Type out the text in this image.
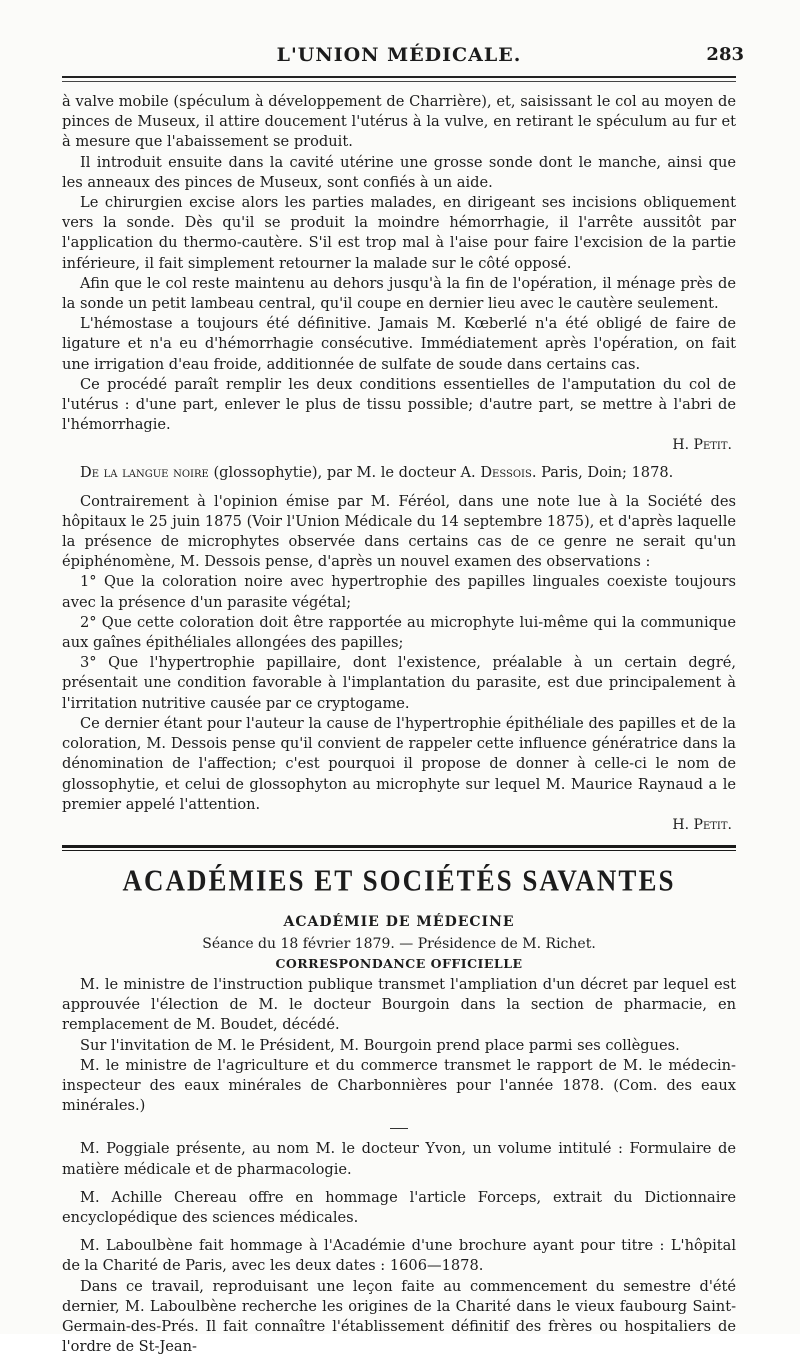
L'UNION MÉDICALE.	283

à valve mobile (spéculum à développement de Charrière), et, saisissant le col au moyen de pinces de Museux, il attire doucement l'utérus à la vulve, en retirant le spéculum au fur et à mesure que l'abaissement se produit.

Il introduit ensuite dans la cavité utérine une grosse sonde dont le manche, ainsi que les anneaux des pinces de Museux, sont confiés à un aide.

Le chirurgien excise alors les parties malades, en dirigeant ses incisions obliquement vers la sonde. Dès qu'il se produit la moindre hémorrhagie, il l'arrête aussitôt par l'application du thermo-cautère. S'il est trop mal à l'aise pour faire l'excision de la partie inférieure, il fait simplement retourner la malade sur le côté opposé.

Afin que le col reste maintenu au dehors jusqu'à la fin de l'opération, il ménage près de la sonde un petit lambeau central, qu'il coupe en dernier lieu avec le cautère seulement.

L'hémostase a toujours été définitive. Jamais M. Kœberlé n'a été obligé de faire de ligature et n'a eu d'hémorrhagie consécutive. Immédiatement après l'opération, on fait une irrigation d'eau froide, additionnée de sulfate de soude dans certains cas.

Ce procédé paraît remplir les deux conditions essentielles de l'amputation du col de l'utérus : d'une part, enlever le plus de tissu possible; d'autre part, se mettre à l'abri de l'hémorrhagie.

H. Petit.
De la langue noire (glossophytie), par M. le docteur A. Dessois. Paris, Doin; 1878.

Contrairement à l'opinion émise par M. Féréol, dans une note lue à la Société des hôpitaux le 25 juin 1875 (Voir l'Union Médicale du 14 septembre 1875), et d'après laquelle la présence de microphytes observée dans certains cas de ce genre ne serait qu'un épiphénomène, M. Dessois pense, d'après un nouvel examen des observations :

1° Que la coloration noire avec hypertrophie des papilles linguales coexiste toujours avec la présence d'un parasite végétal;

2° Que cette coloration doit être rapportée au microphyte lui-même qui la communique aux gaînes épithéliales allongées des papilles;

3° Que l'hypertrophie papillaire, dont l'existence, préalable à un certain degré, présentait une condition favorable à l'implantation du parasite, est due principalement à l'irritation nutritive causée par ce cryptogame.

Ce dernier étant pour l'auteur la cause de l'hypertrophie épithéliale des papilles et de la coloration, M. Dessois pense qu'il convient de rappeler cette influence génératrice dans la dénomination de l'affection; c'est pourquoi il propose de donner à celle-ci le nom de glossophytie, et celui de glossophyton au microphyte sur lequel M. Maurice Raynaud a le premier appelé l'attention.

H. Petit.
ACADÉMIES ET SOCIÉTÉS SAVANTES
ACADÉMIE DE MÉDECINE
Séance du 18 février 1879. — Présidence de M. Richet.
CORRESPONDANCE OFFICIELLE

M. le ministre de l'instruction publique transmet l'ampliation d'un décret par lequel est approuvée l'élection de M. le docteur Bourgoin dans la section de pharmacie, en remplacement de M. Boudet, décédé.

Sur l'invitation de M. le Président, M. Bourgoin prend place parmi ses collègues.

M. le ministre de l'agriculture et du commerce transmet le rapport de M. le médecin-inspecteur des eaux minérales de Charbonnières pour l'année 1878. (Com. des eaux minérales.)

M. Poggiale présente, au nom M. le docteur Yvon, un volume intitulé : Formulaire de matière médicale et de pharmacologie.

M. Achille Chereau offre en hommage l'article Forceps, extrait du Dictionnaire encyclopédique des sciences médicales.

M. Laboulbène fait hommage à l'Académie d'une brochure ayant pour titre : L'hôpital de la Charité de Paris, avec les deux dates : 1606—1878.

Dans ce travail, reproduisant une leçon faite au commencement du semestre d'été dernier, M. Laboulbène recherche les origines de la Charité dans le vieux faubourg Saint-Germain-des-Prés. Il fait connaître l'établissement définitif des frères ou hospitaliers de l'ordre de St-Jean-
